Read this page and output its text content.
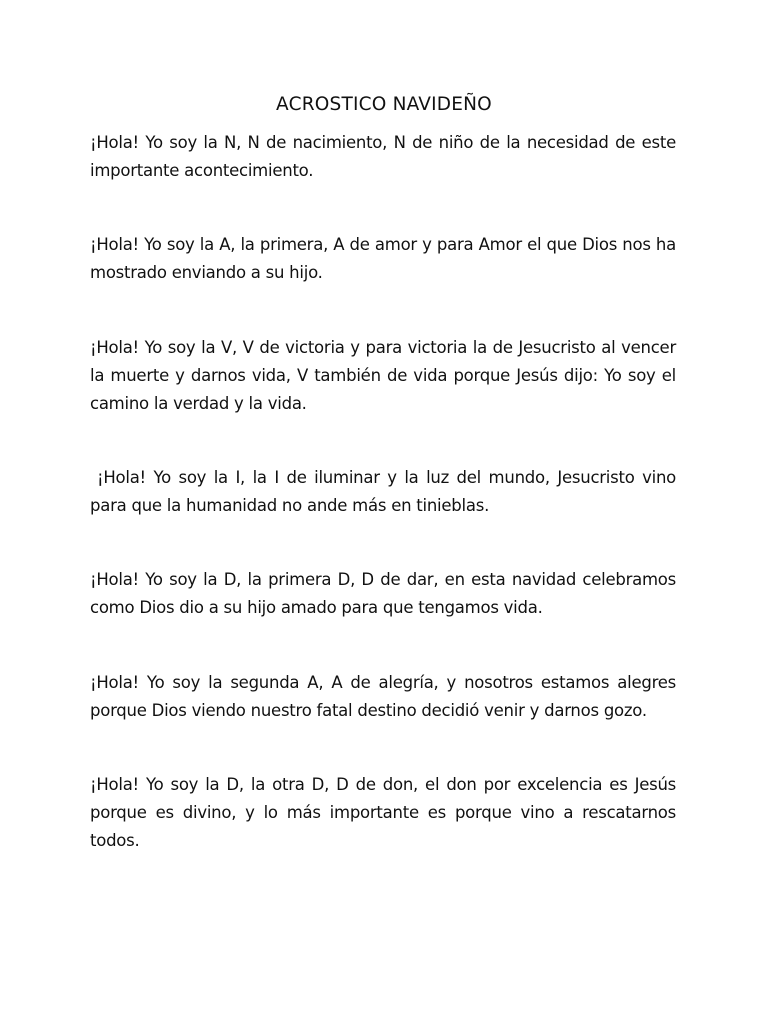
ACROSTICO NAVIDEÑO

¡Hola! Yo soy la N, N de nacimiento, N de niño de la necesidad de este importante acontecimiento.

¡Hola! Yo soy la A, la primera, A de amor y para Amor el que Dios nos ha mostrado enviando a su hijo.

¡Hola! Yo soy la V, V de victoria y para victoria la de Jesucristo al vencer la muerte y darnos vida, V también de vida porque Jesús dijo: Yo soy el camino la verdad y la vida.

¡Hola! Yo soy la I, la I de iluminar y la luz del mundo, Jesucristo vino para que la humanidad no ande más en tinieblas.

¡Hola! Yo soy la D, la primera D, D de dar, en esta navidad celebramos como Dios dio a su hijo amado para que tengamos vida.

¡Hola! Yo soy la segunda A, A de alegría, y nosotros estamos alegres porque Dios viendo nuestro fatal destino decidió venir y darnos gozo.

¡Hola! Yo soy la D, la otra D, D de don, el don por excelencia es Jesús porque es divino, y lo más importante es porque vino a rescatarnos todos.
